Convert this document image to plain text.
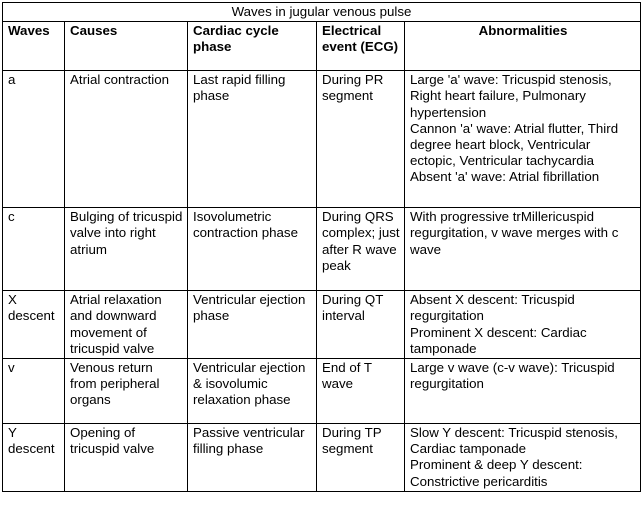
Waves in jugular venous pulse				
Waves	Causes	Cardiac cycle phase	Electrical event (ECG)	Abnormalities
a	Atrial contraction	Last rapid filling phase	During PR segment	Large 'a' wave: Tricuspid stenosis, Right heart failure, Pulmonary hypertension
Cannon 'a' wave: Atrial flutter, Third degree heart block, Ventricular ectopic, Ventricular tachycardia
Absent 'a' wave: Atrial fibrillation

c	Bulging of tricuspid valve into right atrium	Isovolumetric contraction phase	During QRS complex; just after R wave peak	With progressive trMillericuspid regurgitation, v wave merges with c wave

X descent	Atrial relaxation and downward movement of tricuspid valve	Ventricular ejection phase	During QT interval	Absent X descent: Tricuspid regurgitation
Prominent X descent: Cardiac tamponade

v	Venous return from peripheral organs	Ventricular ejection & isovolumic relaxation phase	End of T wave	Large v wave (c-v wave): Tricuspid regurgitation

Y descent	Opening of tricuspid valve	Passive ventricular filling phase	During TP segment	Slow Y descent: Tricuspid stenosis, Cardiac tamponade
Prominent & deep Y descent: Constrictive pericarditis
